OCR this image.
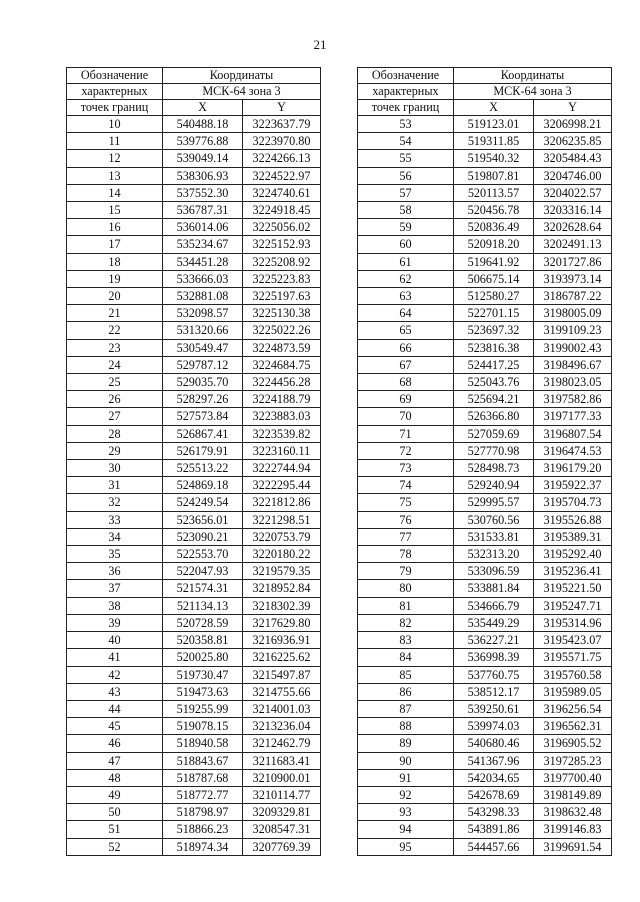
21
Обозначение	Координаты	
характерных	МСК-64 зона 3	
точек границ	X	Y
10	540488.18	3223637.79
11	539776.88	3223970.80
12	539049.14	3224266.13
13	538306.93	3224522.97
14	537552.30	3224740.61
15	536787.31	3224918.45
16	536014.06	3225056.02
17	535234.67	3225152.93
18	534451.28	3225208.92
19	533666.03	3225223.83
20	532881.08	3225197.63
21	532098.57	3225130.38
22	531320.66	3225022.26
23	530549.47	3224873.59
24	529787.12	3224684.75
25	529035.70	3224456.28
26	528297.26	3224188.79
27	527573.84	3223883.03
28	526867.41	3223539.82
29	526179.91	3223160.11
30	525513.22	3222744.94
31	524869.18	3222295.44
32	524249.54	3221812.86
33	523656.01	3221298.51
34	523090.21	3220753.79
35	522553.70	3220180.22
36	522047.93	3219579.35
37	521574.31	3218952.84
38	521134.13	3218302.39
39	520728.59	3217629.80
40	520358.81	3216936.91
41	520025.80	3216225.62
42	519730.47	3215497.87
43	519473.63	3214755.66
44	519255.99	3214001.03
45	519078.15	3213236.04
46	518940.58	3212462.79
47	518843.67	3211683.41
48	518787.68	3210900.01
49	518772.77	3210114.77
50	518798.97	3209329.81
51	518866.23	3208547.31
52	518974.34	3207769.39
Обозначение	Координаты	
характерных	МСК-64 зона 3	
точек границ	X	Y
53	519123.01	3206998.21
54	519311.85	3206235.85
55	519540.32	3205484.43
56	519807.81	3204746.00
57	520113.57	3204022.57
58	520456.78	3203316.14
59	520836.49	3202628.64
60	520918.20	3202491.13
61	519641.92	3201727.86
62	506675.14	3193973.14
63	512580.27	3186787.22
64	522701.15	3198005.09
65	523697.32	3199109.23
66	523816.38	3199002.43
67	524417.25	3198496.67
68	525043.76	3198023.05
69	525694.21	3197582.86
70	526366.80	3197177.33
71	527059.69	3196807.54
72	527770.98	3196474.53
73	528498.73	3196179.20
74	529240.94	3195922.37
75	529995.57	3195704.73
76	530760.56	3195526.88
77	531533.81	3195389.31
78	532313.20	3195292.40
79	533096.59	3195236.41
80	533881.84	3195221.50
81	534666.79	3195247.71
82	535449.29	3195314.96
83	536227.21	3195423.07
84	536998.39	3195571.75
85	537760.75	3195760.58
86	538512.17	3195989.05
87	539250.61	3196256.54
88	539974.03	3196562.31
89	540680.46	3196905.52
90	541367.96	3197285.23
91	542034.65	3197700.40
92	542678.69	3198149.89
93	543298.33	3198632.48
94	543891.86	3199146.83
95	544457.66	3199691.54
